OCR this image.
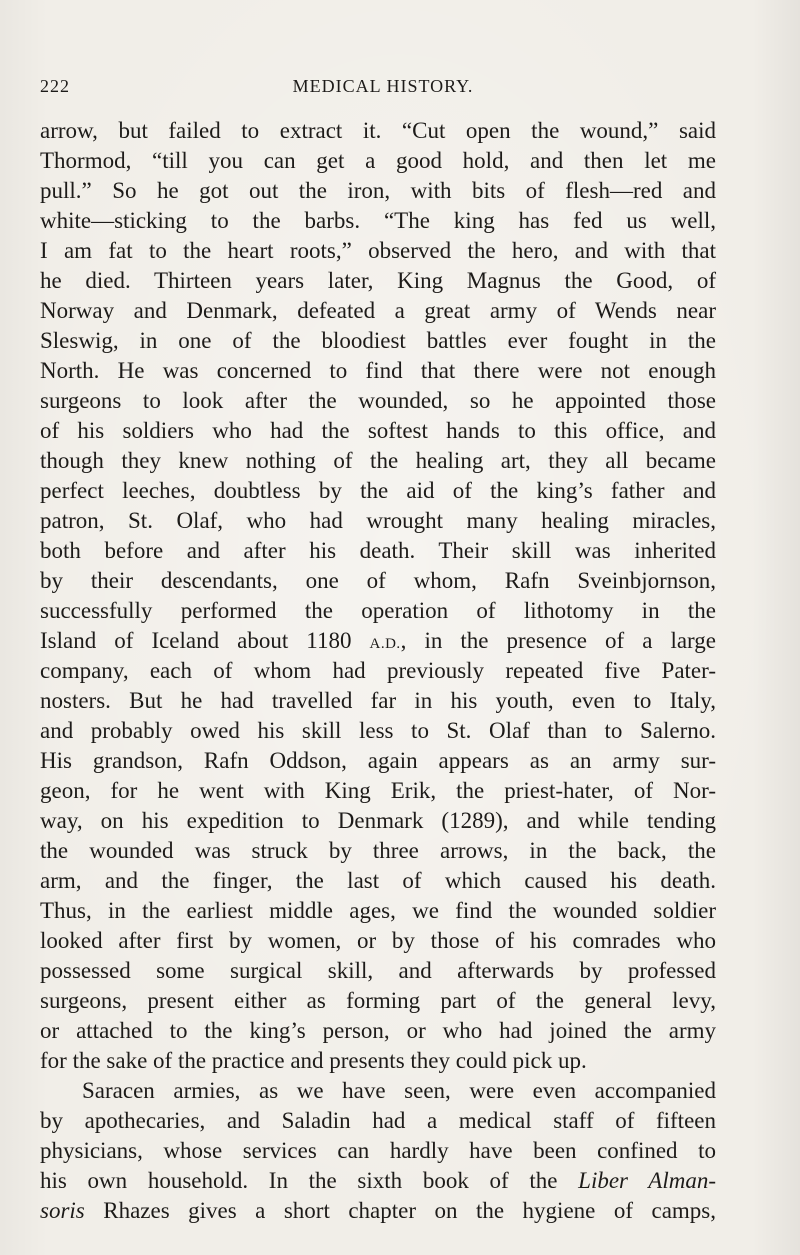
222	MEDICAL HISTORY.
arrow, but failed to extract it. “Cut open the wound,” said
Thormod, “till you can get a good hold, and then let me
pull.” So he got out the iron, with bits of flesh—red and
white—sticking to the barbs. “The king has fed us well,
I am fat to the heart roots,” observed the hero, and with that
he died. Thirteen years later, King Magnus the Good, of
Norway and Denmark, defeated a great army of Wends near
Sleswig, in one of the bloodiest battles ever fought in the
North. He was concerned to find that there were not enough
surgeons to look after the wounded, so he appointed those
of his soldiers who had the softest hands to this office, and
though they knew nothing of the healing art, they all became
perfect leeches, doubtless by the aid of the king’s father and
patron, St. Olaf, who had wrought many healing miracles,
both before and after his death. Their skill was inherited
by their descendants, one of whom, Rafn Sveinbjornson,
successfully performed the operation of lithotomy in the
Island of Iceland about 1180 A.D., in the presence of a large
company, each of whom had previously repeated five Pater-
nosters. But he had travelled far in his youth, even to Italy,
and probably owed his skill less to St. Olaf than to Salerno.
His grandson, Rafn Oddson, again appears as an army sur-
geon, for he went with King Erik, the priest-hater, of Nor-
way, on his expedition to Denmark (1289), and while tending
the wounded was struck by three arrows, in the back, the
arm, and the finger, the last of which caused his death.
Thus, in the earliest middle ages, we find the wounded soldier
looked after first by women, or by those of his comrades who
possessed some surgical skill, and afterwards by professed
surgeons, present either as forming part of the general levy,
or attached to the king’s person, or who had joined the army
for the sake of the practice and presents they could pick up.
Saracen armies, as we have seen, were even accompanied
by apothecaries, and Saladin had a medical staff of fifteen
physicians, whose services can hardly have been confined to
his own household. In the sixth book of the Liber Alman-
soris Rhazes gives a short chapter on the hygiene of camps,
